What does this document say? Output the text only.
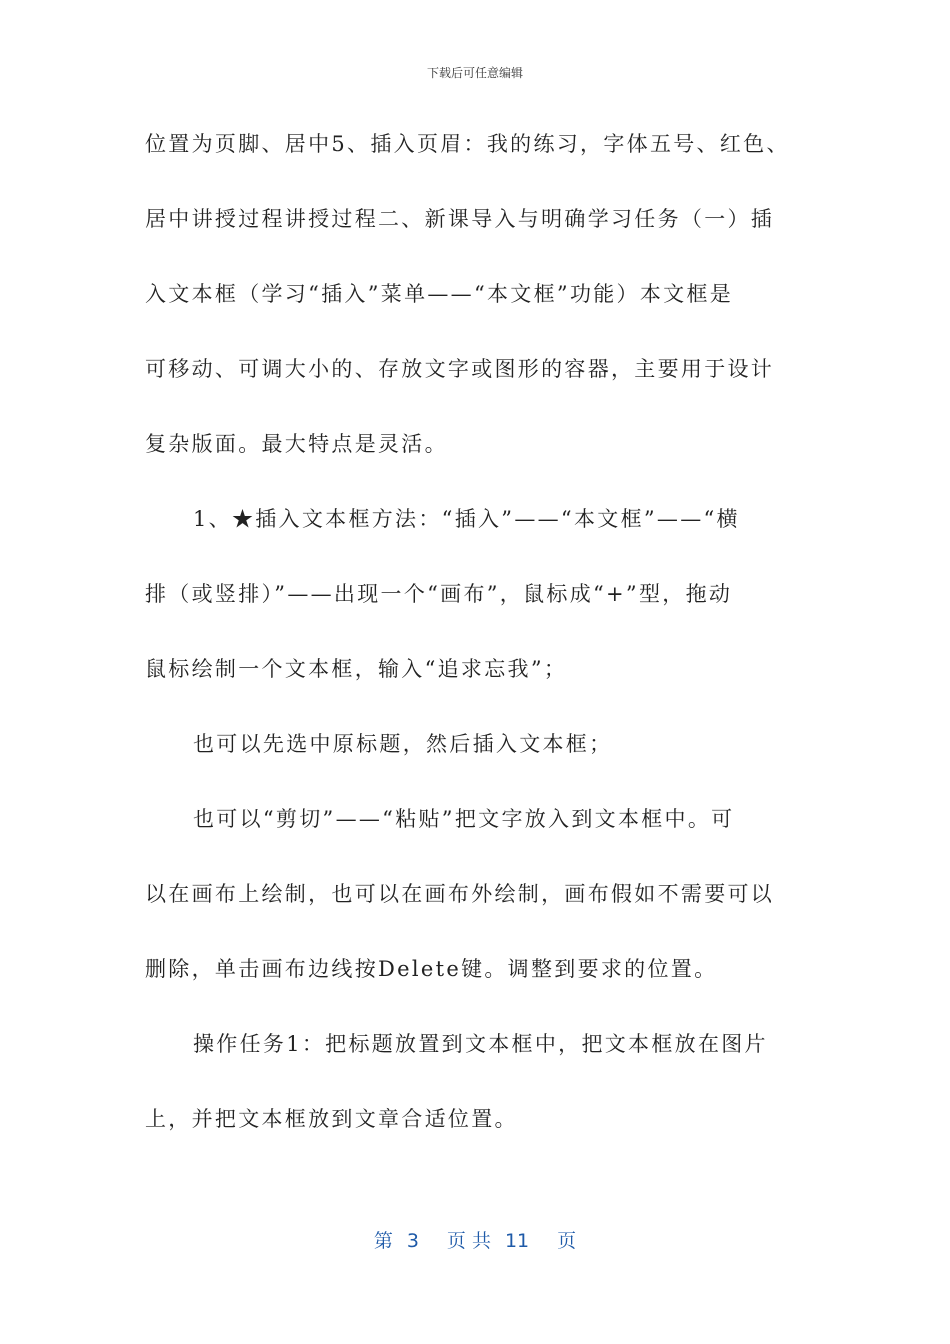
下载后可任意编辑
位置为页脚、居中5、插入页眉：我的练习，字体五号、红色、
居中讲授过程讲授过程二、新课导入与明确学习任务（一）插
入文本框（学习“插入”菜单——“本文框”功能）本文框是
可移动、可调大小的、存放文字或图形的容器，主要用于设计
复杂版面。最大特点是灵活。
1、★插入文本框方法：“插入”——“本文框”——“横
排（或竖排）”——出现一个“画布”，鼠标成“+”型，拖动
鼠标绘制一个文本框，输入“追求忘我”；
也可以先选中原标题，然后插入文本框；
也可以“剪切”——“粘贴”把文字放入到文本框中。可
以在画布上绘制，也可以在画布外绘制，画布假如不需要可以
删除，单击画布边线按Delete键。调整到要求的位置。
操作任务1：把标题放置到文本框中，把文本框放在图片
上，并把文本框放到文章合适位置。
第 3 页 共 11 页
